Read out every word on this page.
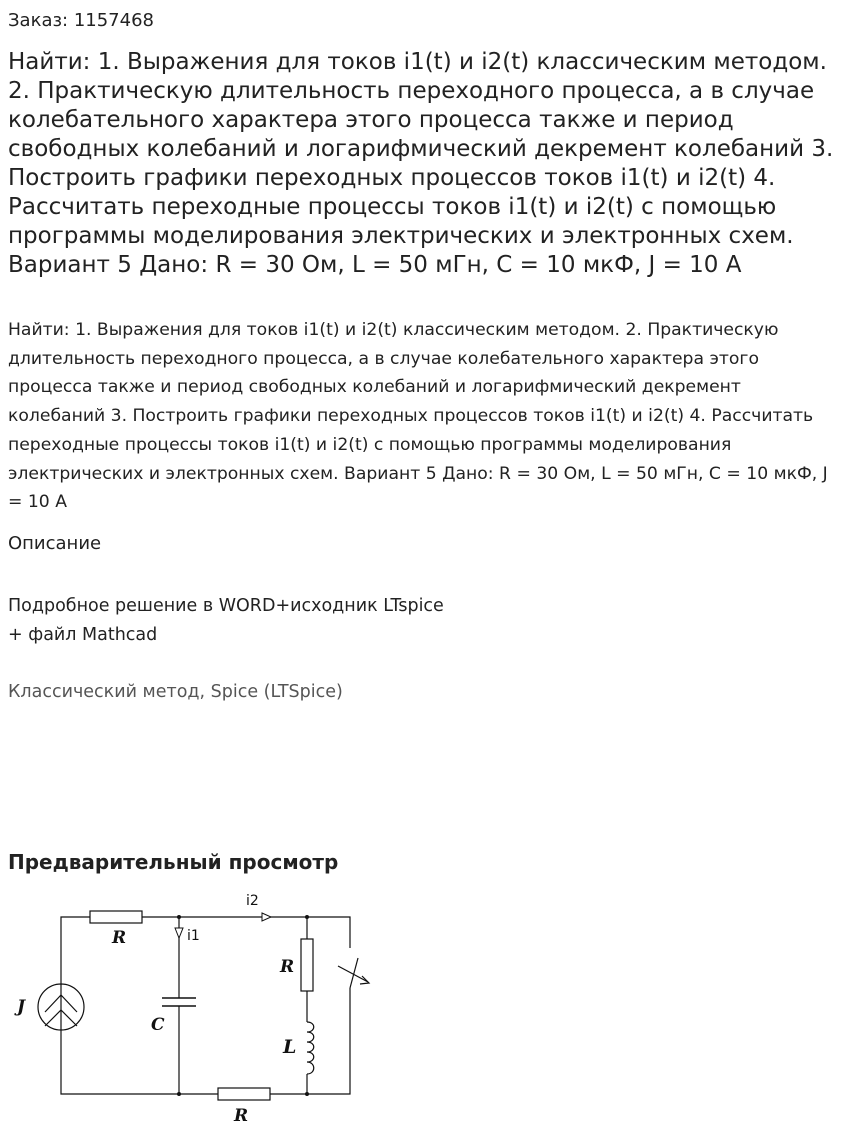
Заказ: 1157468
Найти: 1. Выражения для токов i1(t) и i2(t) классическим методом. 2. Практическую длительность переходного процесса, а в случае колебательного характера этого процесса также и период свободных колебаний и логарифмический декремент колебаний 3. Построить графики переходных процессов токов i1(t) и i2(t) 4. Рассчитать переходные процессы токов i1(t) и i2(t) с помощью программы моделирования электрических и электронных схем. Вариант 5 Дано: R = 30 Ом, L = 50 мГн, C = 10 мкФ, J = 10 А

Найти: 1. Выражения для токов i1(t) и i2(t) классическим методом. 2. Практическую длительность переходного процесса, а в случае колебательного характера этого процесса также и период свободных колебаний и логарифмический декремент колебаний 3. Построить графики переходных процессов токов i1(t) и i2(t) 4. Рассчитать переходные процессы токов i1(t) и i2(t) с помощью программы моделирования электрических и электронных схем. Вариант 5 Дано: R = 30 Ом, L = 50 мГн, C = 10 мкФ, J = 10 А

Описание
Подробное решение в WORD+исходник LTspice
+ файл Mathcad
Классический метод, Spice (LTSpice)
Предварительный просмотр
J
R
C
R
L
R
i2
i1
